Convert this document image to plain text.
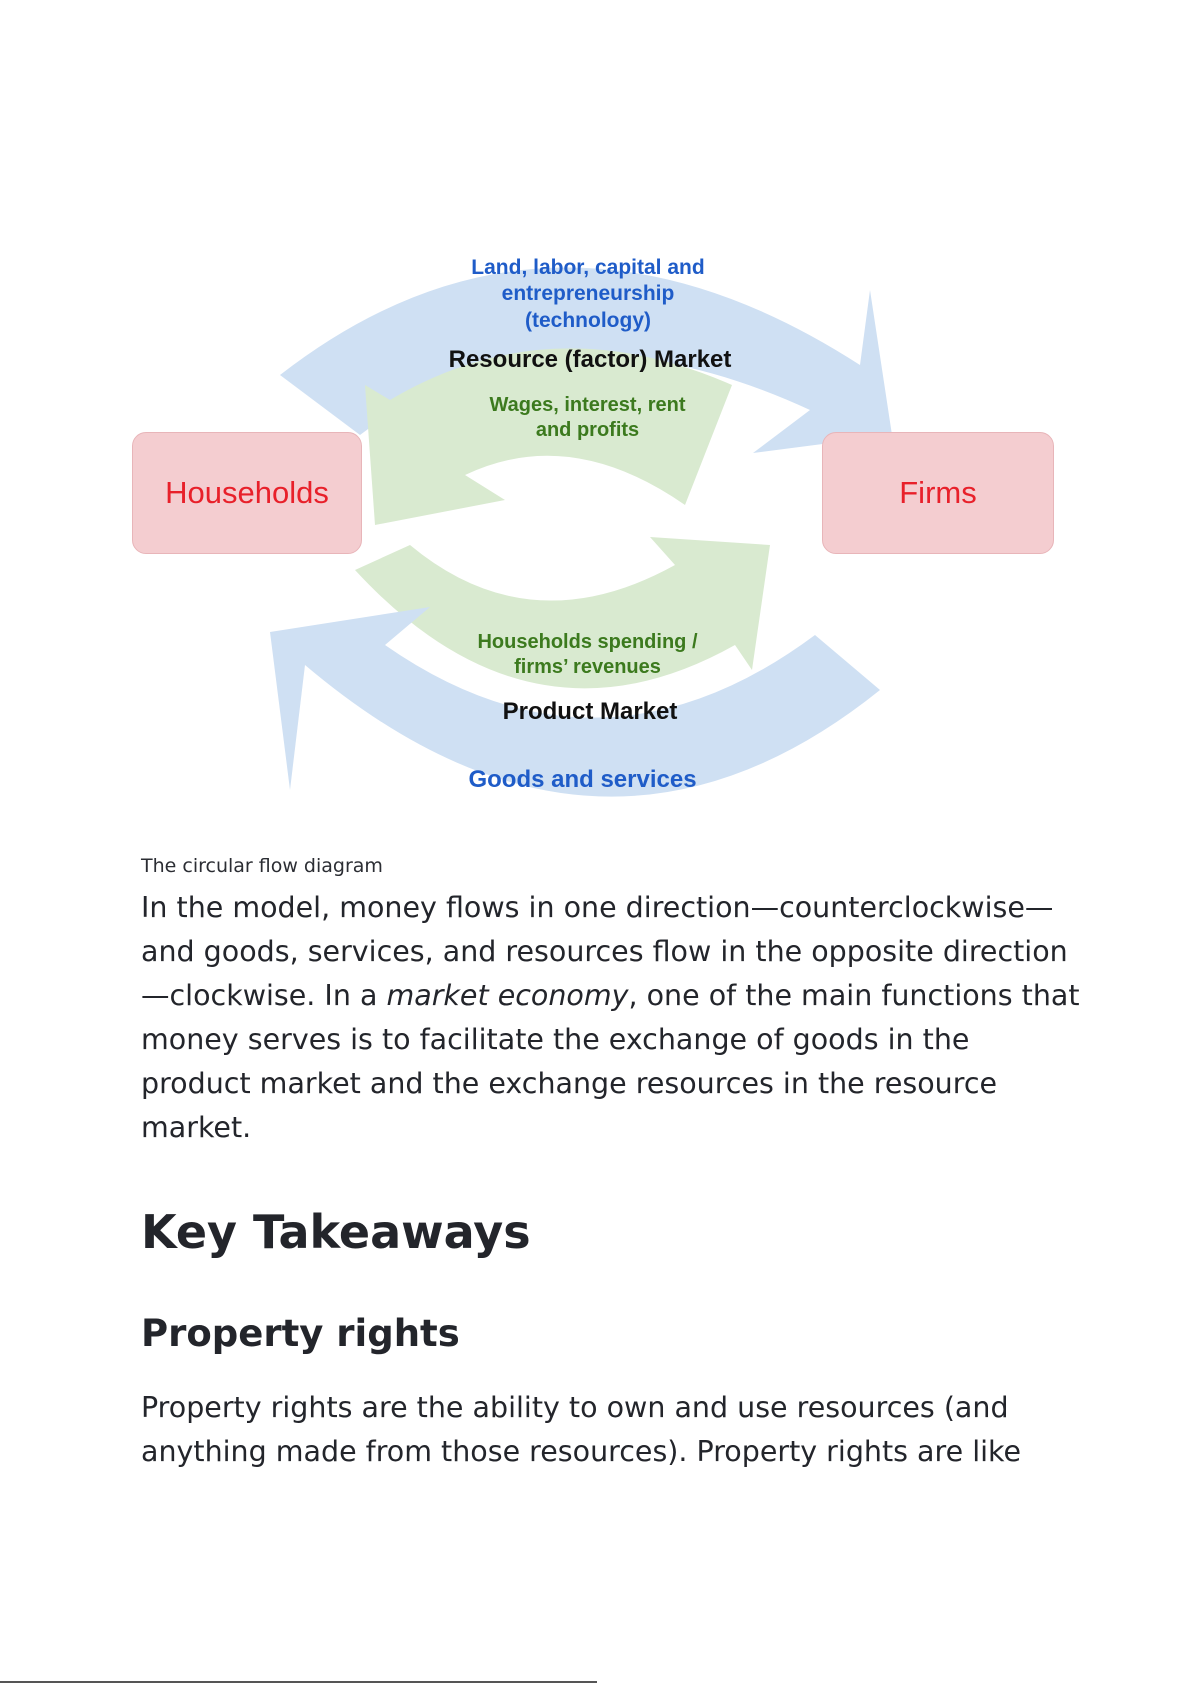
Households	Firms
Land, labor, capital and entrepreneurship (technology)
Resource (factor) Market
Wages, interest, rent and profits
Households spending / firms’ revenues
Product Market
Goods and services
The circular flow diagram
In the model, money flows in one direction—counterclockwise—and goods, services, and resources flow in the opposite direction—clockwise. In a market economy, one of the main functions that money serves is to facilitate the exchange of goods in the product market and the exchange resources in the resource market.
Key Takeaways
Property rights
Property rights are the ability to own and use resources (and anything made from those resources). Property rights are like
